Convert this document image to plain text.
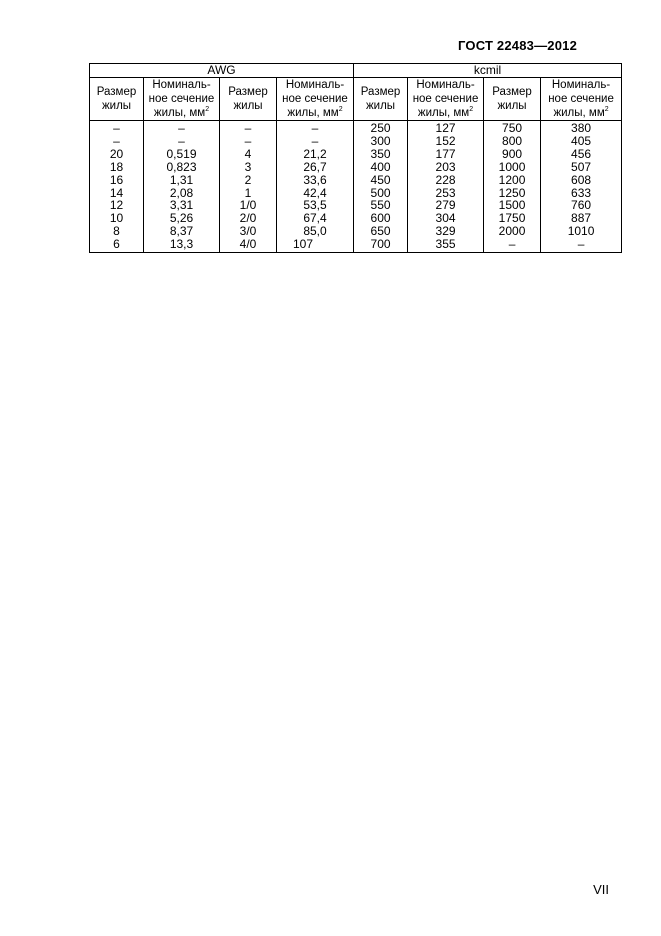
ГОСТ 22483—2012
AWG				kcmil			

Размер
жилы	Номиналь-
ное сечение
жилы, $мм^2$	Размер
жилы	Номиналь-
ное сечение
жилы, $мм^2$	Размер
жилы	Номиналь-
ное сечение
жилы, $мм^2$	Размер
жилы	Номиналь-
ное сечение
жилы, $мм^2$

–	–	–	–	250	127	750	380
–	–	–	–	300	152	800	405
20	0,519	4	21,2	350	177	900	456
18	0,823	3	26,7	400	203	1000	507
16	1,31	2	33,6	450	228	1200	608
14	2,08	1	42,4	500	253	1250	633
12	3,31	1/0	53,5	550	279	1500	760
10	5,26	2/0	67,4	600	304	1750	887
8	8,37	3/0	85,0	650	329	2000	1010
6	13,3	4/0	107	700	355	–	–
VII
